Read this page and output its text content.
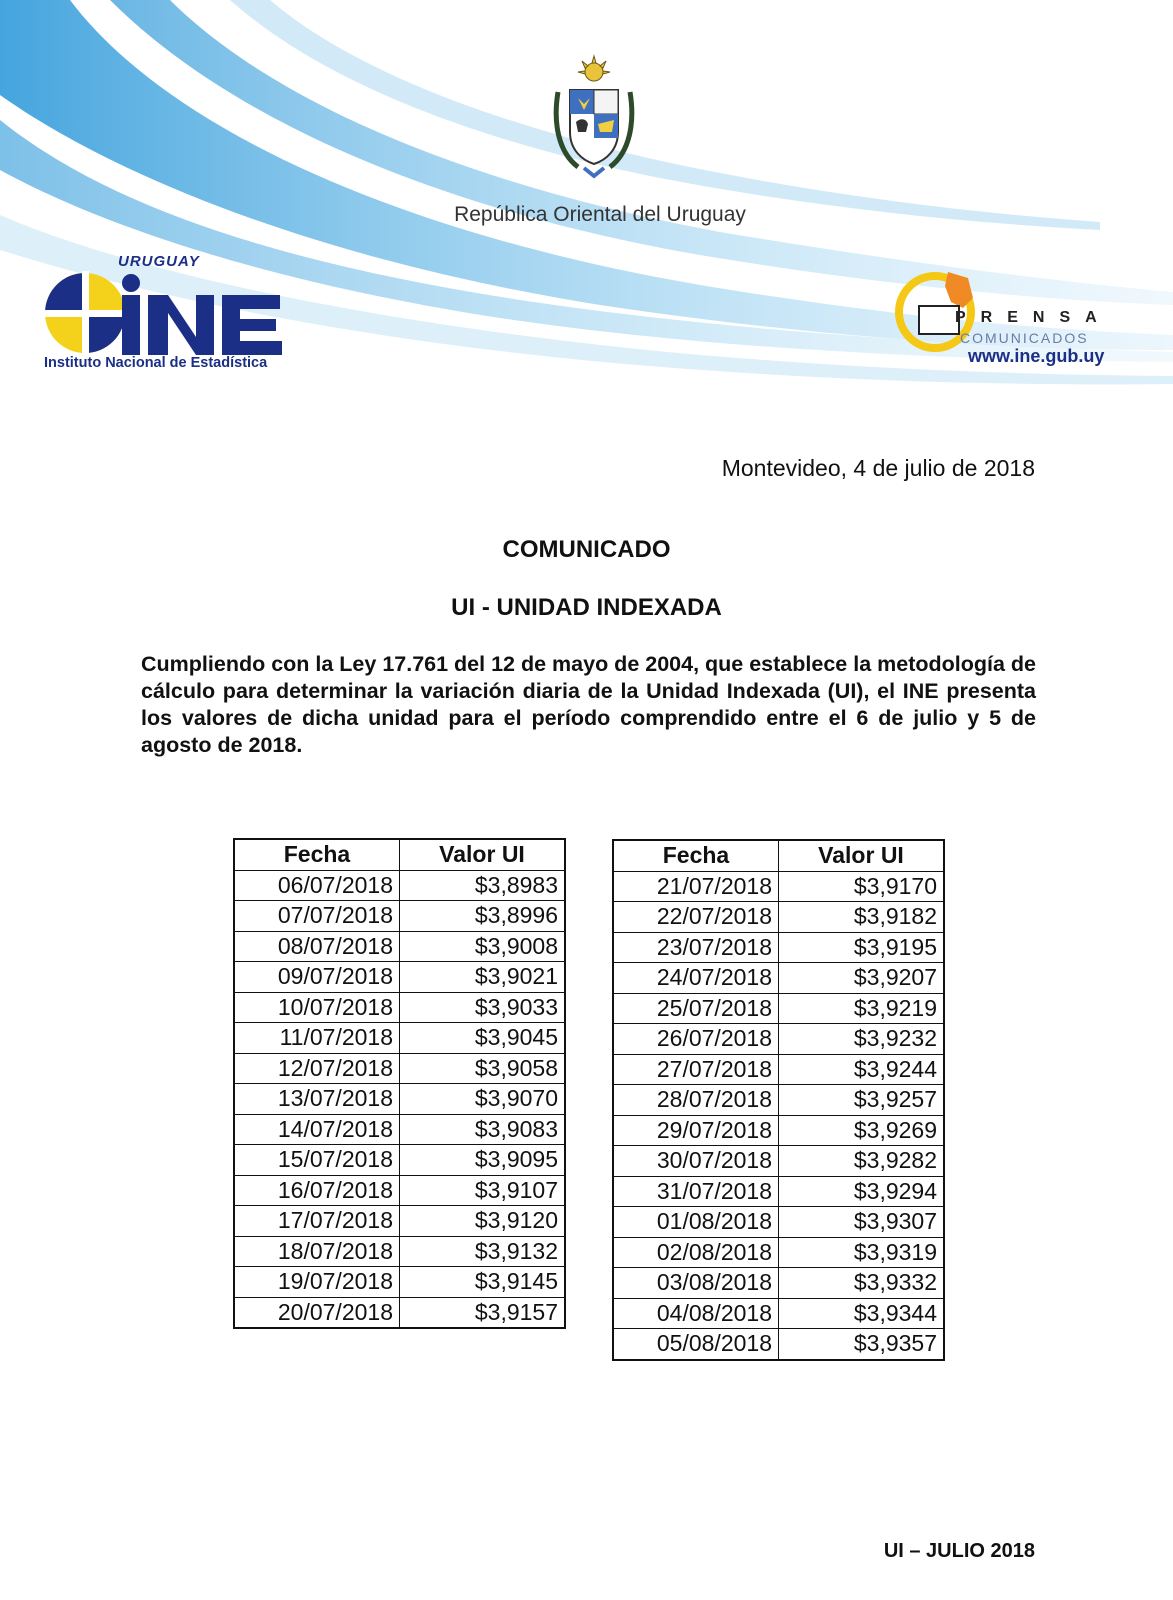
República Oriental del Uruguay
URUGUAY
Instituto Nacional de Estadística
PRENSA
COMUNICADOS
www.ine.gub.uy
Montevideo, 4 de julio de 2018
COMUNICADO
UI - UNIDAD INDEXADA
Cumpliendo con la Ley 17.761 del 12 de mayo de 2004, que establece la metodología de cálculo para determinar la variación diaria de la Unidad Indexada (UI), el INE presenta los valores de dicha unidad para el período comprendido entre el 6 de julio y 5 de agosto de 2018.
Fecha	Valor UI
06/07/2018	$3,8983
07/07/2018	$3,8996
08/07/2018	$3,9008
09/07/2018	$3,9021
10/07/2018	$3,9033
11/07/2018	$3,9045
12/07/2018	$3,9058
13/07/2018	$3,9070
14/07/2018	$3,9083
15/07/2018	$3,9095
16/07/2018	$3,9107
17/07/2018	$3,9120
18/07/2018	$3,9132
19/07/2018	$3,9145
20/07/2018	$3,9157
Fecha	Valor UI
21/07/2018	$3,9170
22/07/2018	$3,9182
23/07/2018	$3,9195
24/07/2018	$3,9207
25/07/2018	$3,9219
26/07/2018	$3,9232
27/07/2018	$3,9244
28/07/2018	$3,9257
29/07/2018	$3,9269
30/07/2018	$3,9282
31/07/2018	$3,9294
01/08/2018	$3,9307
02/08/2018	$3,9319
03/08/2018	$3,9332
04/08/2018	$3,9344
05/08/2018	$3,9357
UI – JULIO 2018
